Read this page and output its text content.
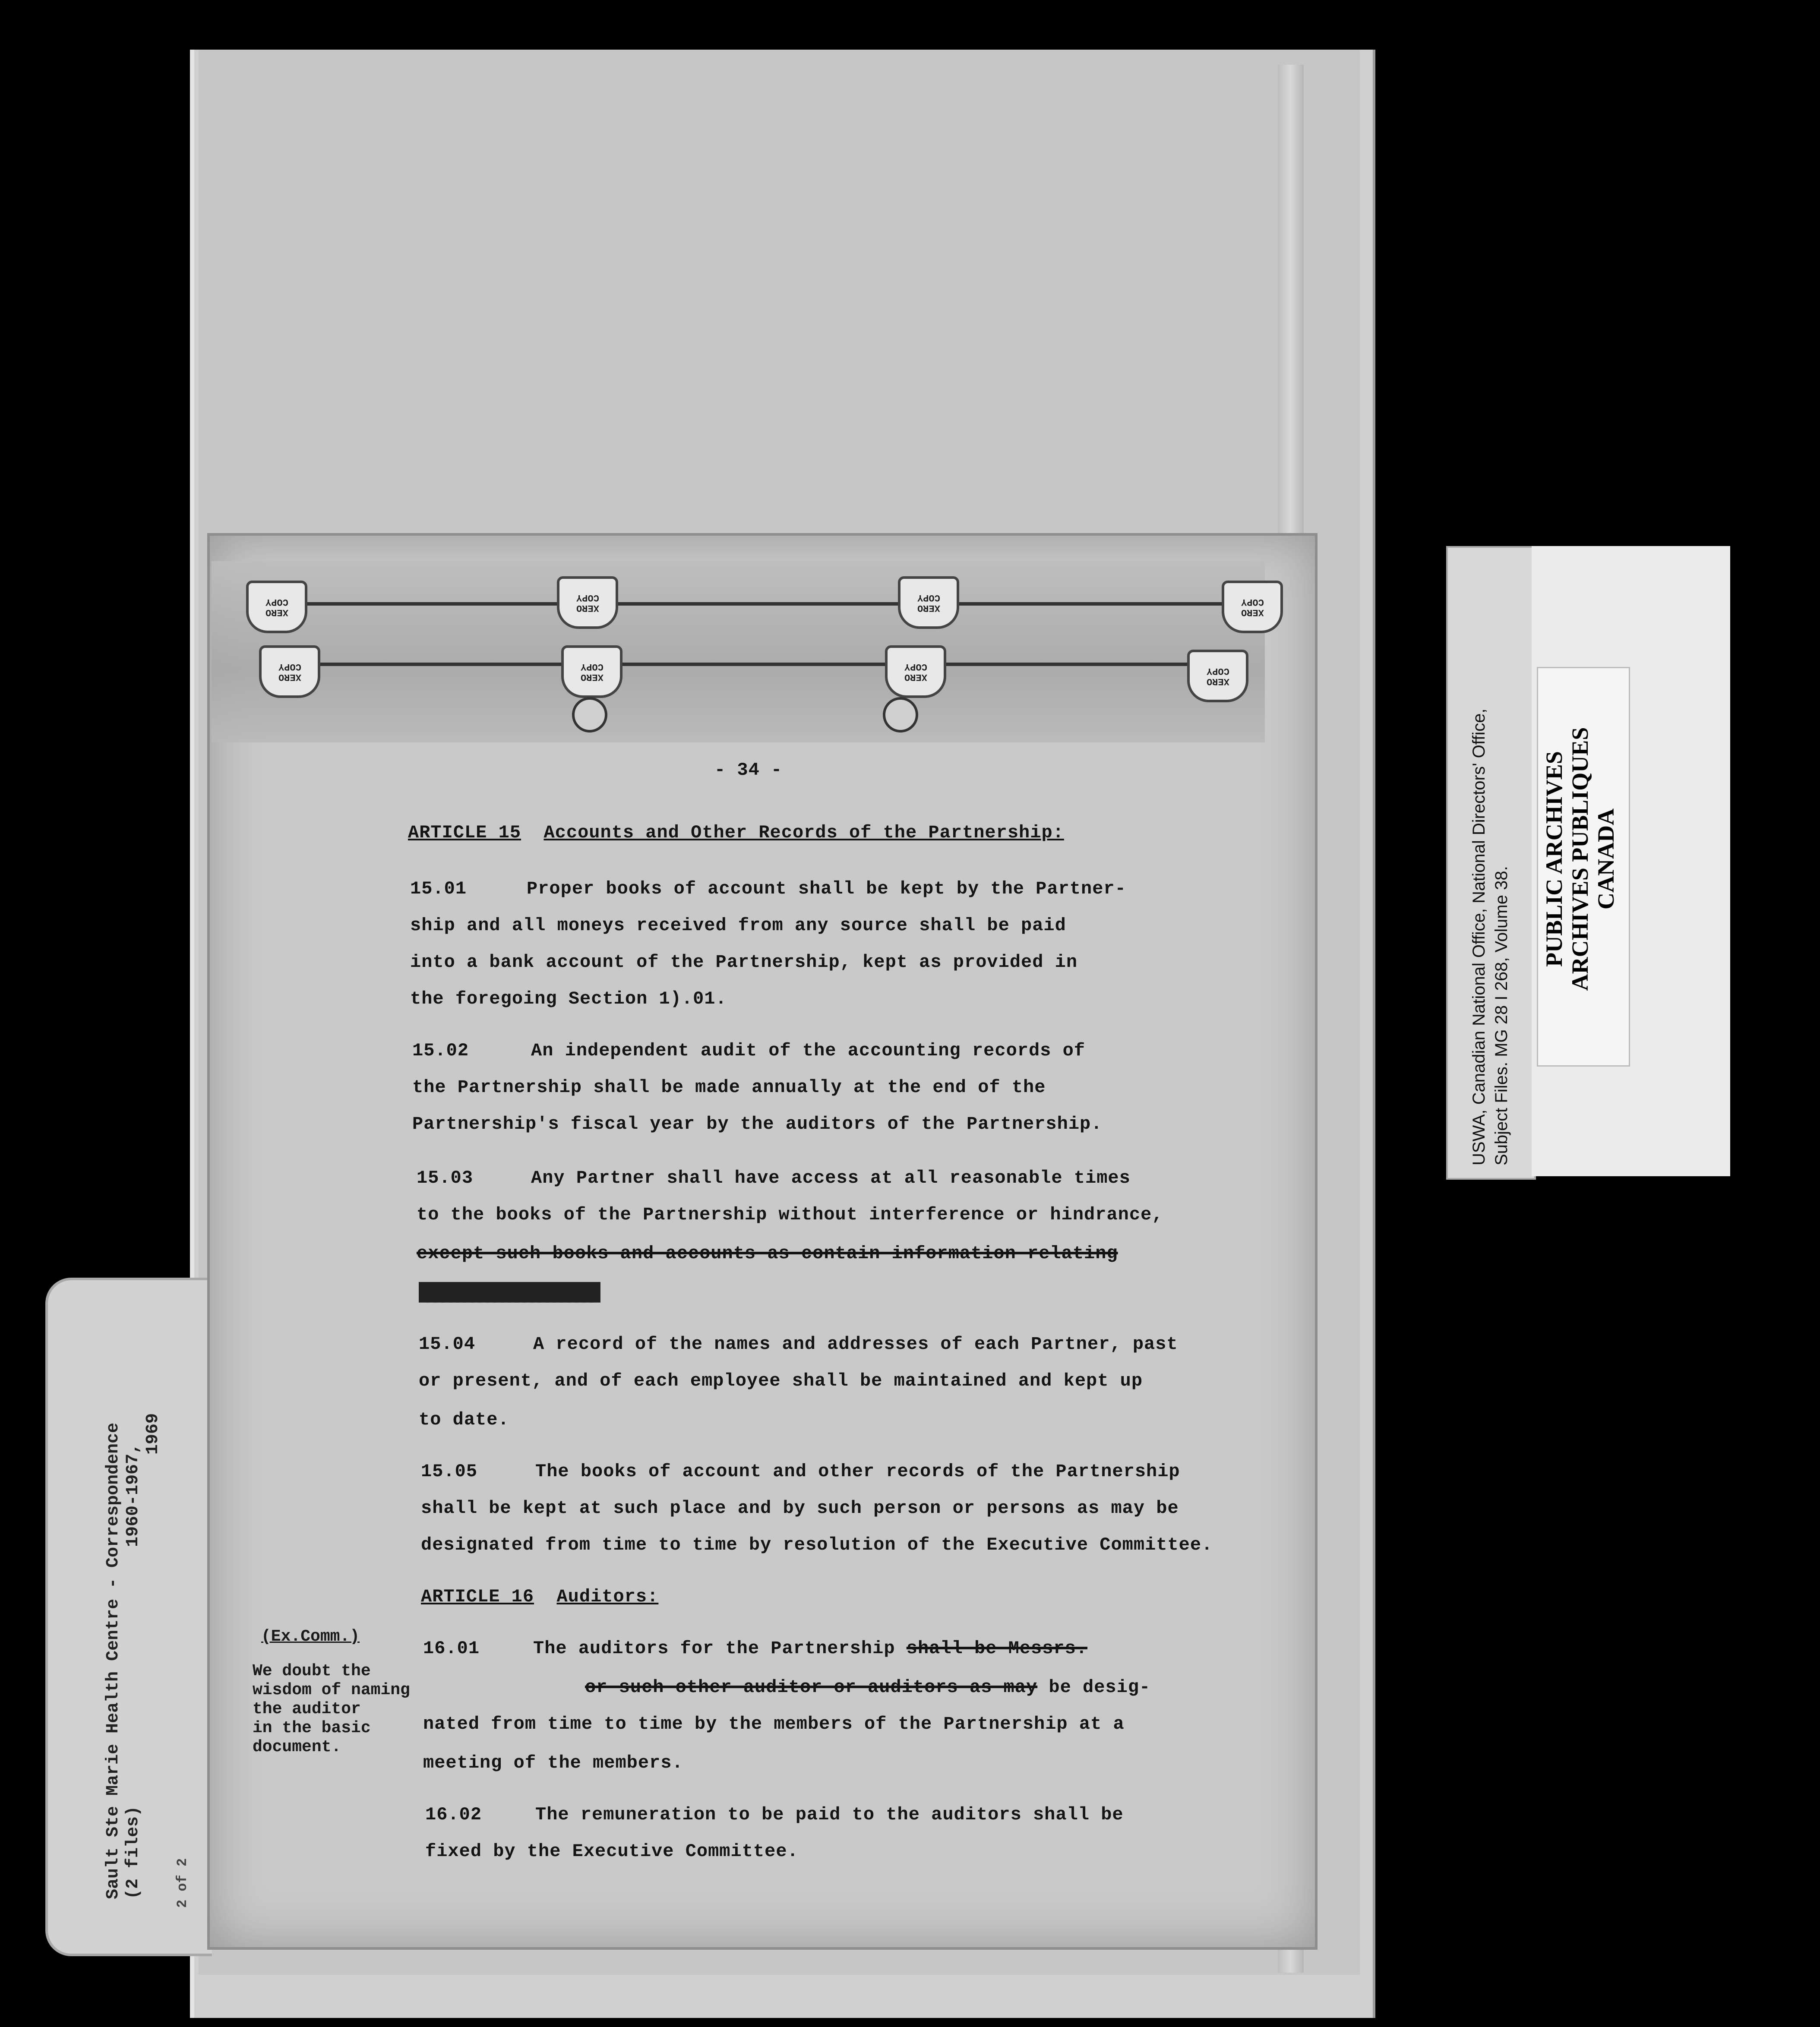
Sault Ste Marie Health Centre - Correspondence (2 files)1960-1967,
1969
2 of 2
XERO
COPY
XERO
COPY
XERO
COPY
XERO
COPY
XERO
COPY
XERO
COPY
XERO
COPY
XERO
COPY
- 34 -
ARTICLE 15 Accounts and Other Records of the Partnership:
15.01	Proper books of account shall be kept by the Partner-
ship and all moneys received from any source shall be paid
into a bank account of the Partnership, kept as provided in
the foregoing Section 1).01.
15.02	An independent audit of the accounting records of
the Partnership shall be made annually at the end of the
Partnership's fiscal year by the auditors of the Partnership.
15.03	Any Partner shall have access at all reasonable times
to the books of the Partnership without interference or hindrance,
except such books and accounts as contain information relating
████████████████████████
15.04	A record of the names and addresses of each Partner, past
or present, and of each employee shall be maintained and kept up
to date.
15.05	The books of account and other records of the Partnership
shall be kept at such place and by such person or persons as may be
designated from time to time by resolution of the Executive Committee.
ARTICLE 16 Auditors:
(Ex.Comm.)
We doubt the
wisdom of naming
the auditor
in the basic
document.
16.01	The auditors for the Partnership shall be Messrs.
or such other auditor or auditors as may be desig-
nated from time to time by the members of the Partnership at a
meeting of the members.
16.02	The remuneration to be paid to the auditors shall be
fixed by the Executive Committee.
USWA, Canadian National Office, National Directors' Office, Subject Files. MG 28 I 268, Volume 38.
PUBLIC ARCHIVES ARCHIVES PUBLIQUES CANADA
